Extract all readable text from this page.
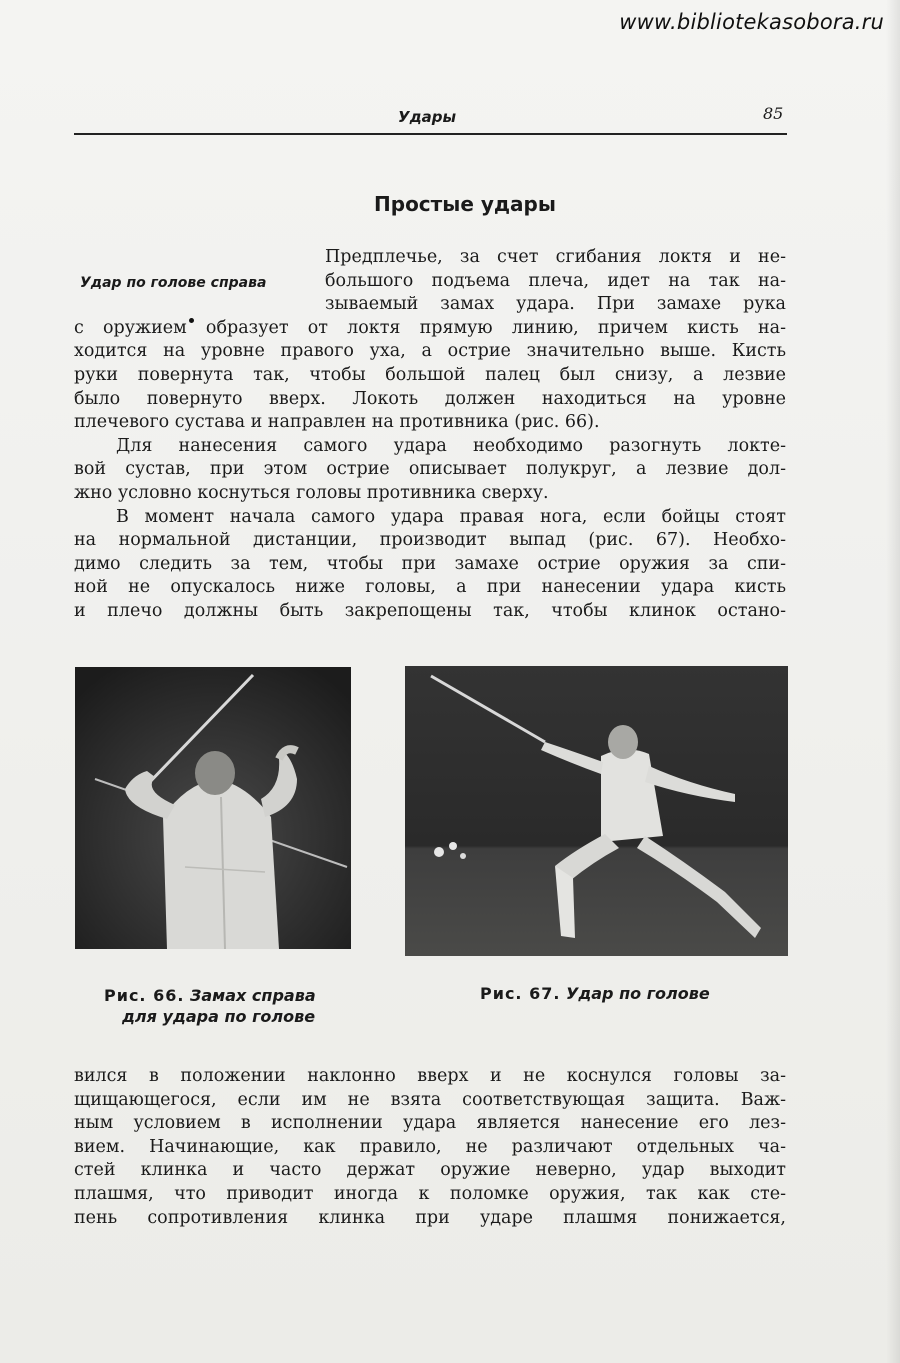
www.bibliotekasobora.ru
Удары	85
Простые удары
Удар по голове справа
Предплечье, за счет сгибания локтя и не-
большого подъема плеча, идет на так на-
зываемый замах удара. При замахе рука
с оружием образует от локтя прямую линию, причем кисть на-
ходится на уровне правого уха, а острие значительно выше. Кисть
руки повернута так, чтобы большой палец был снизу, а лезвие
было повернуто вверх. Локоть должен находиться на уровне
плечевого сустава и направлен на противника (рис. 66).
Для нанесения самого удара необходимо разогнуть локте-
вой сустав, при этом острие описывает полукруг, а лезвие дол-
жно условно коснуться головы противника сверху.
В момент начала самого удара правая нога, если бойцы стоят
на нормальной дистанции, производит выпад (рис. 67). Необхо-
димо следить за тем, чтобы при замахе острие оружия за спи-
ной не опускалось ниже головы, а при нанесении удара кисть
и плечо должны быть закрепощены так, чтобы клинок остано-
Рис. 66. Замах справа
для удара по голове
Рис. 67. Удар по голове
вился в положении наклонно вверх и не коснулся головы за-
щищающегося, если им не взята соответствующая защита. Важ-
ным условием в исполнении удара является нанесение его лез-
вием. Начинающие, как правило, не различают отдельных ча-
стей клинка и часто держат оружие неверно, удар выходит
плашмя, что приводит иногда к поломке оружия, так как сте-
пень сопротивления клинка при ударе плашмя понижается,
